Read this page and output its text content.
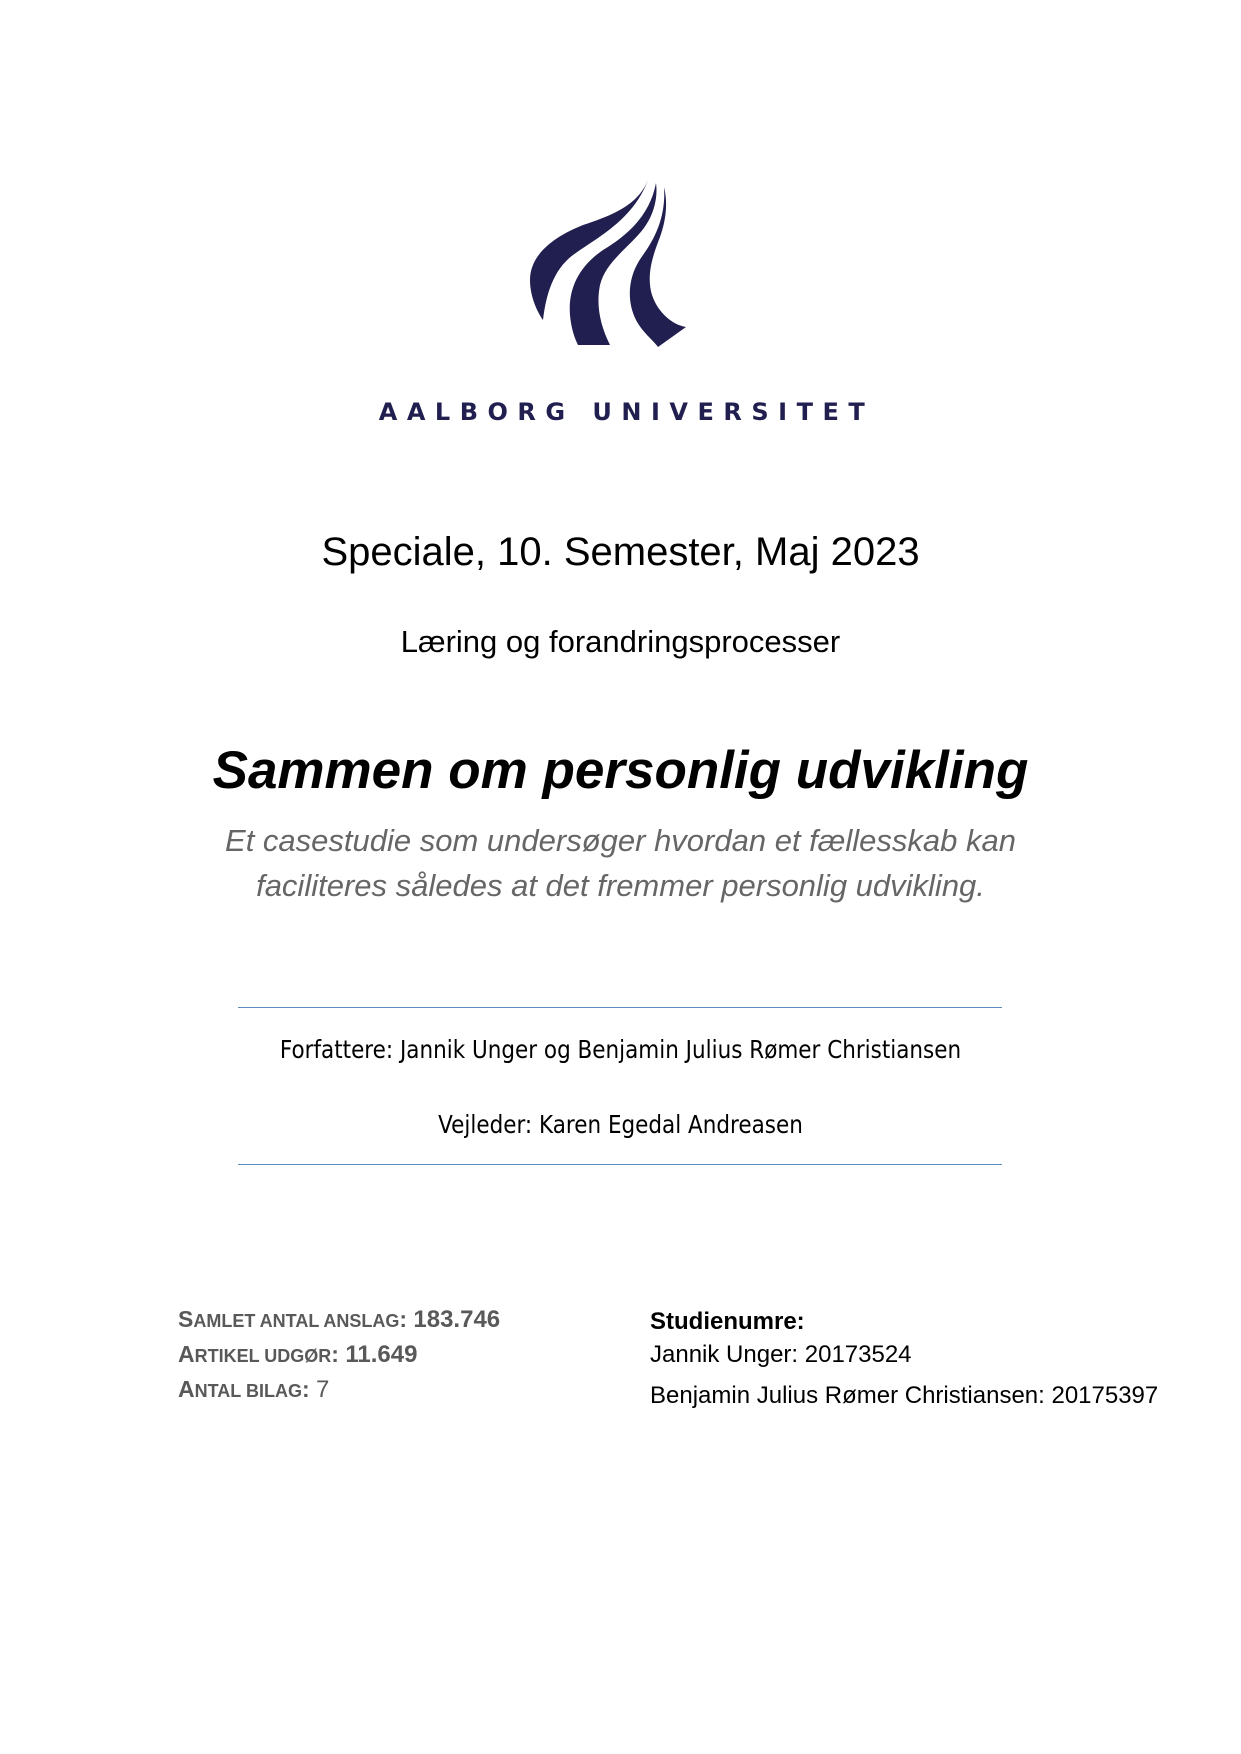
AALBORG UNIVERSITET
Speciale, 10. Semester, Maj 2023
Læring og forandringsprocesser
Sammen om personlig udvikling
Et casestudie som undersøger hvordan et fællesskab kan
faciliteres således at det fremmer personlig udvikling.
Forfattere: Jannik Unger og Benjamin Julius Rømer Christiansen
Vejleder: Karen Egedal Andreasen
SAMLET ANTAL ANSLAG: 183.746
ARTIKEL UDGØR: 11.649
ANTAL BILAG: 7
Studienumre:
Jannik Unger: 20173524
Benjamin Julius Rømer Christiansen: 20175397
